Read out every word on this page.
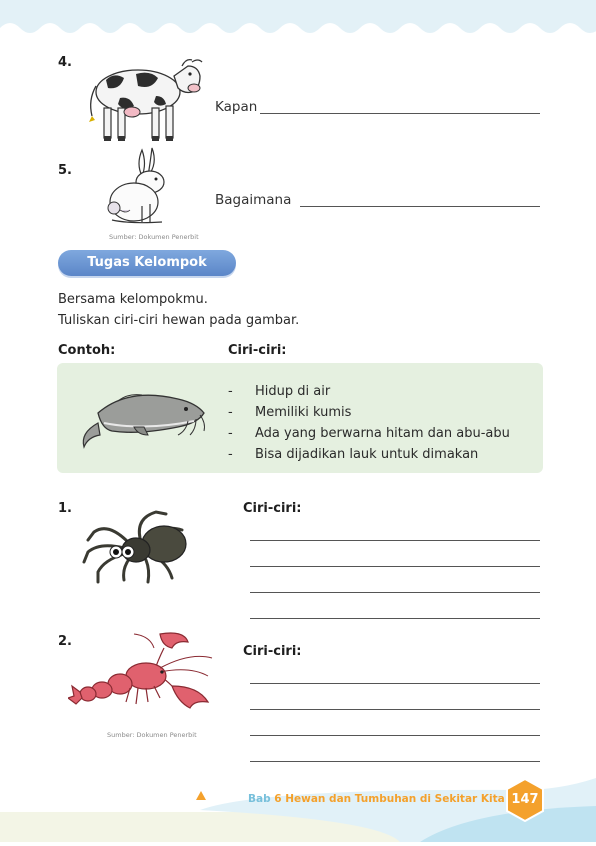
4.
Kapan
5.
Bagaimana
Sumber: Dokumen Penerbit
Tugas Kelompok
Bersama kelompokmu.
Tuliskan ciri-ciri hewan pada gambar.
Contoh:	Ciri-ciri:
- Hidup di air
- Memiliki kumis
- Ada yang berwarna hitam dan abu-abu
- Bisa dijadikan lauk untuk dimakan
1.	Ciri-ciri:
2.
Ciri-ciri:
Sumber: Dokumen Penerbit
Bab 6 Hewan dan Tumbuhan di Sekitar Kita 147
